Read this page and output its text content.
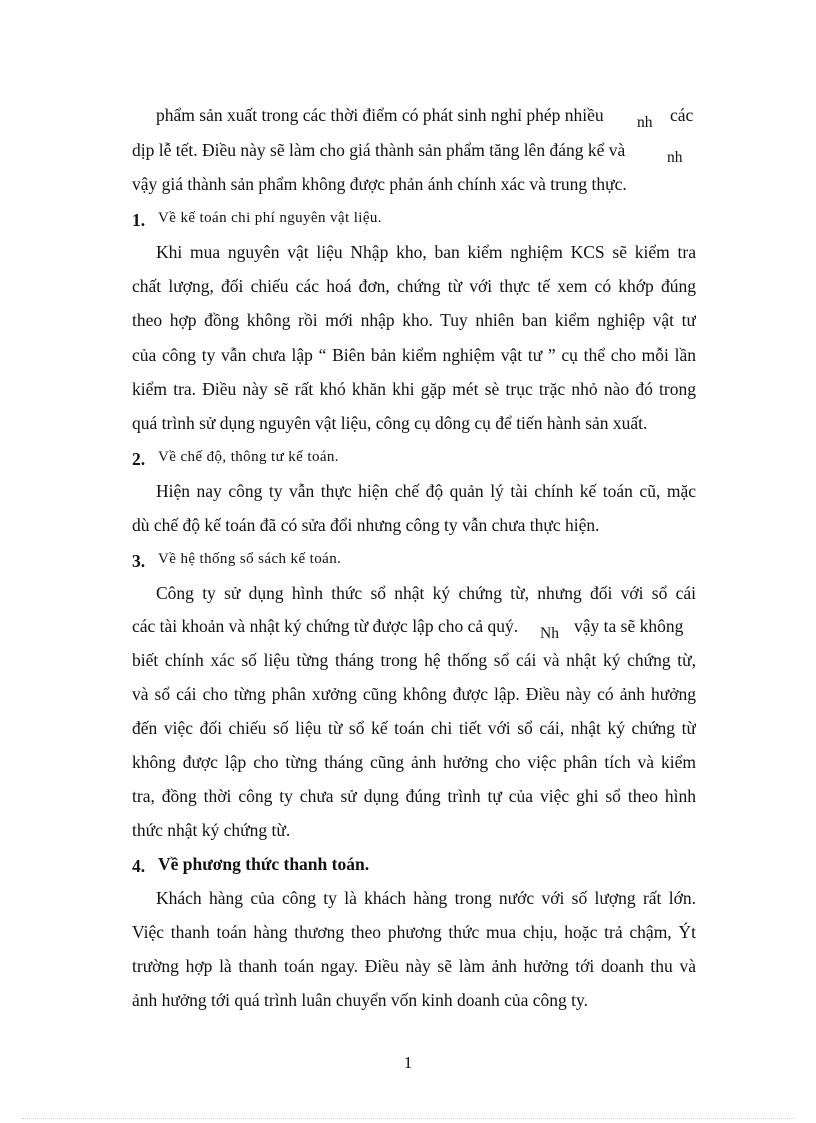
phẩm sản xuất trong các thời điểm có phát sinh nghỉ phép nhiều nh các
dịp lễ tết. Điều này sẽ làm cho giá thành sản phẩm tăng lên đáng kể và	nh
vậy giá thành sản phẩm không được phản ánh chính xác và trung thực.
1. Về kế toán chi phí nguyên vật liệu.
Khi mua nguyên vật liệu Nhập kho, ban kiểm nghiệm KCS sẽ kiểm tra
chất lượng, đối chiếu các hoá đơn, chứng từ với thực tế xem có khớp đúng
theo hợp đồng không rồi mới nhập kho. Tuy nhiên ban kiểm nghiệp vật tư
của công ty vẫn chưa lập “ Biên bản kiểm nghiệm vật tư ” cụ thể cho mỗi lần
kiểm tra. Điều này sẽ rất khó khăn khi gặp mét sè trục trặc nhỏ nào đó trong
quá trình sử dụng nguyên vật liệu, công cụ dông cụ để tiến hành sản xuất.
2. Về chế độ, thông tư kế toán.
Hiện nay công ty vẫn thực hiện chế độ quản lý tài chính kế toán cũ, mặc
dù chế độ kế toán đã có sửa đổi nhưng công ty vẫn chưa thực hiện.
3. Về hệ thống sổ sách kế toán.
Công ty sử dụng hình thức sổ nhật ký chứng từ, nhưng đối với sổ cái
các tài khoản và nhật ký chứng từ được lập cho cả quý. Nh vậy ta sẽ không
biết chính xác số liệu từng tháng trong hệ thống sổ cái và nhật ký chứng từ,
và sổ cái cho từng phân xưởng cũng không được lập. Điều này có ảnh hưởng
đến việc đối chiếu số liệu từ sổ kế toán chi tiết với sổ cái, nhật ký chứng từ
không được lập cho từng tháng cũng ảnh hưởng cho việc phân tích và kiểm
tra, đồng thời công ty chưa sử dụng đúng trình tự của việc ghi sổ theo hình
thức nhật ký chứng từ.
4. Về phương thức thanh toán.
Khách hàng của công ty là khách hàng trong nước với số lượng rất lớn.
Việc thanh toán hàng thương theo phương thức mua chịu, hoặc trả chậm, Ýt
trường hợp là thanh toán ngay. Điều này sẽ làm ảnh hưởng tới doanh thu và
ảnh hưởng tới quá trình luân chuyển vốn kinh doanh của công ty.
1
